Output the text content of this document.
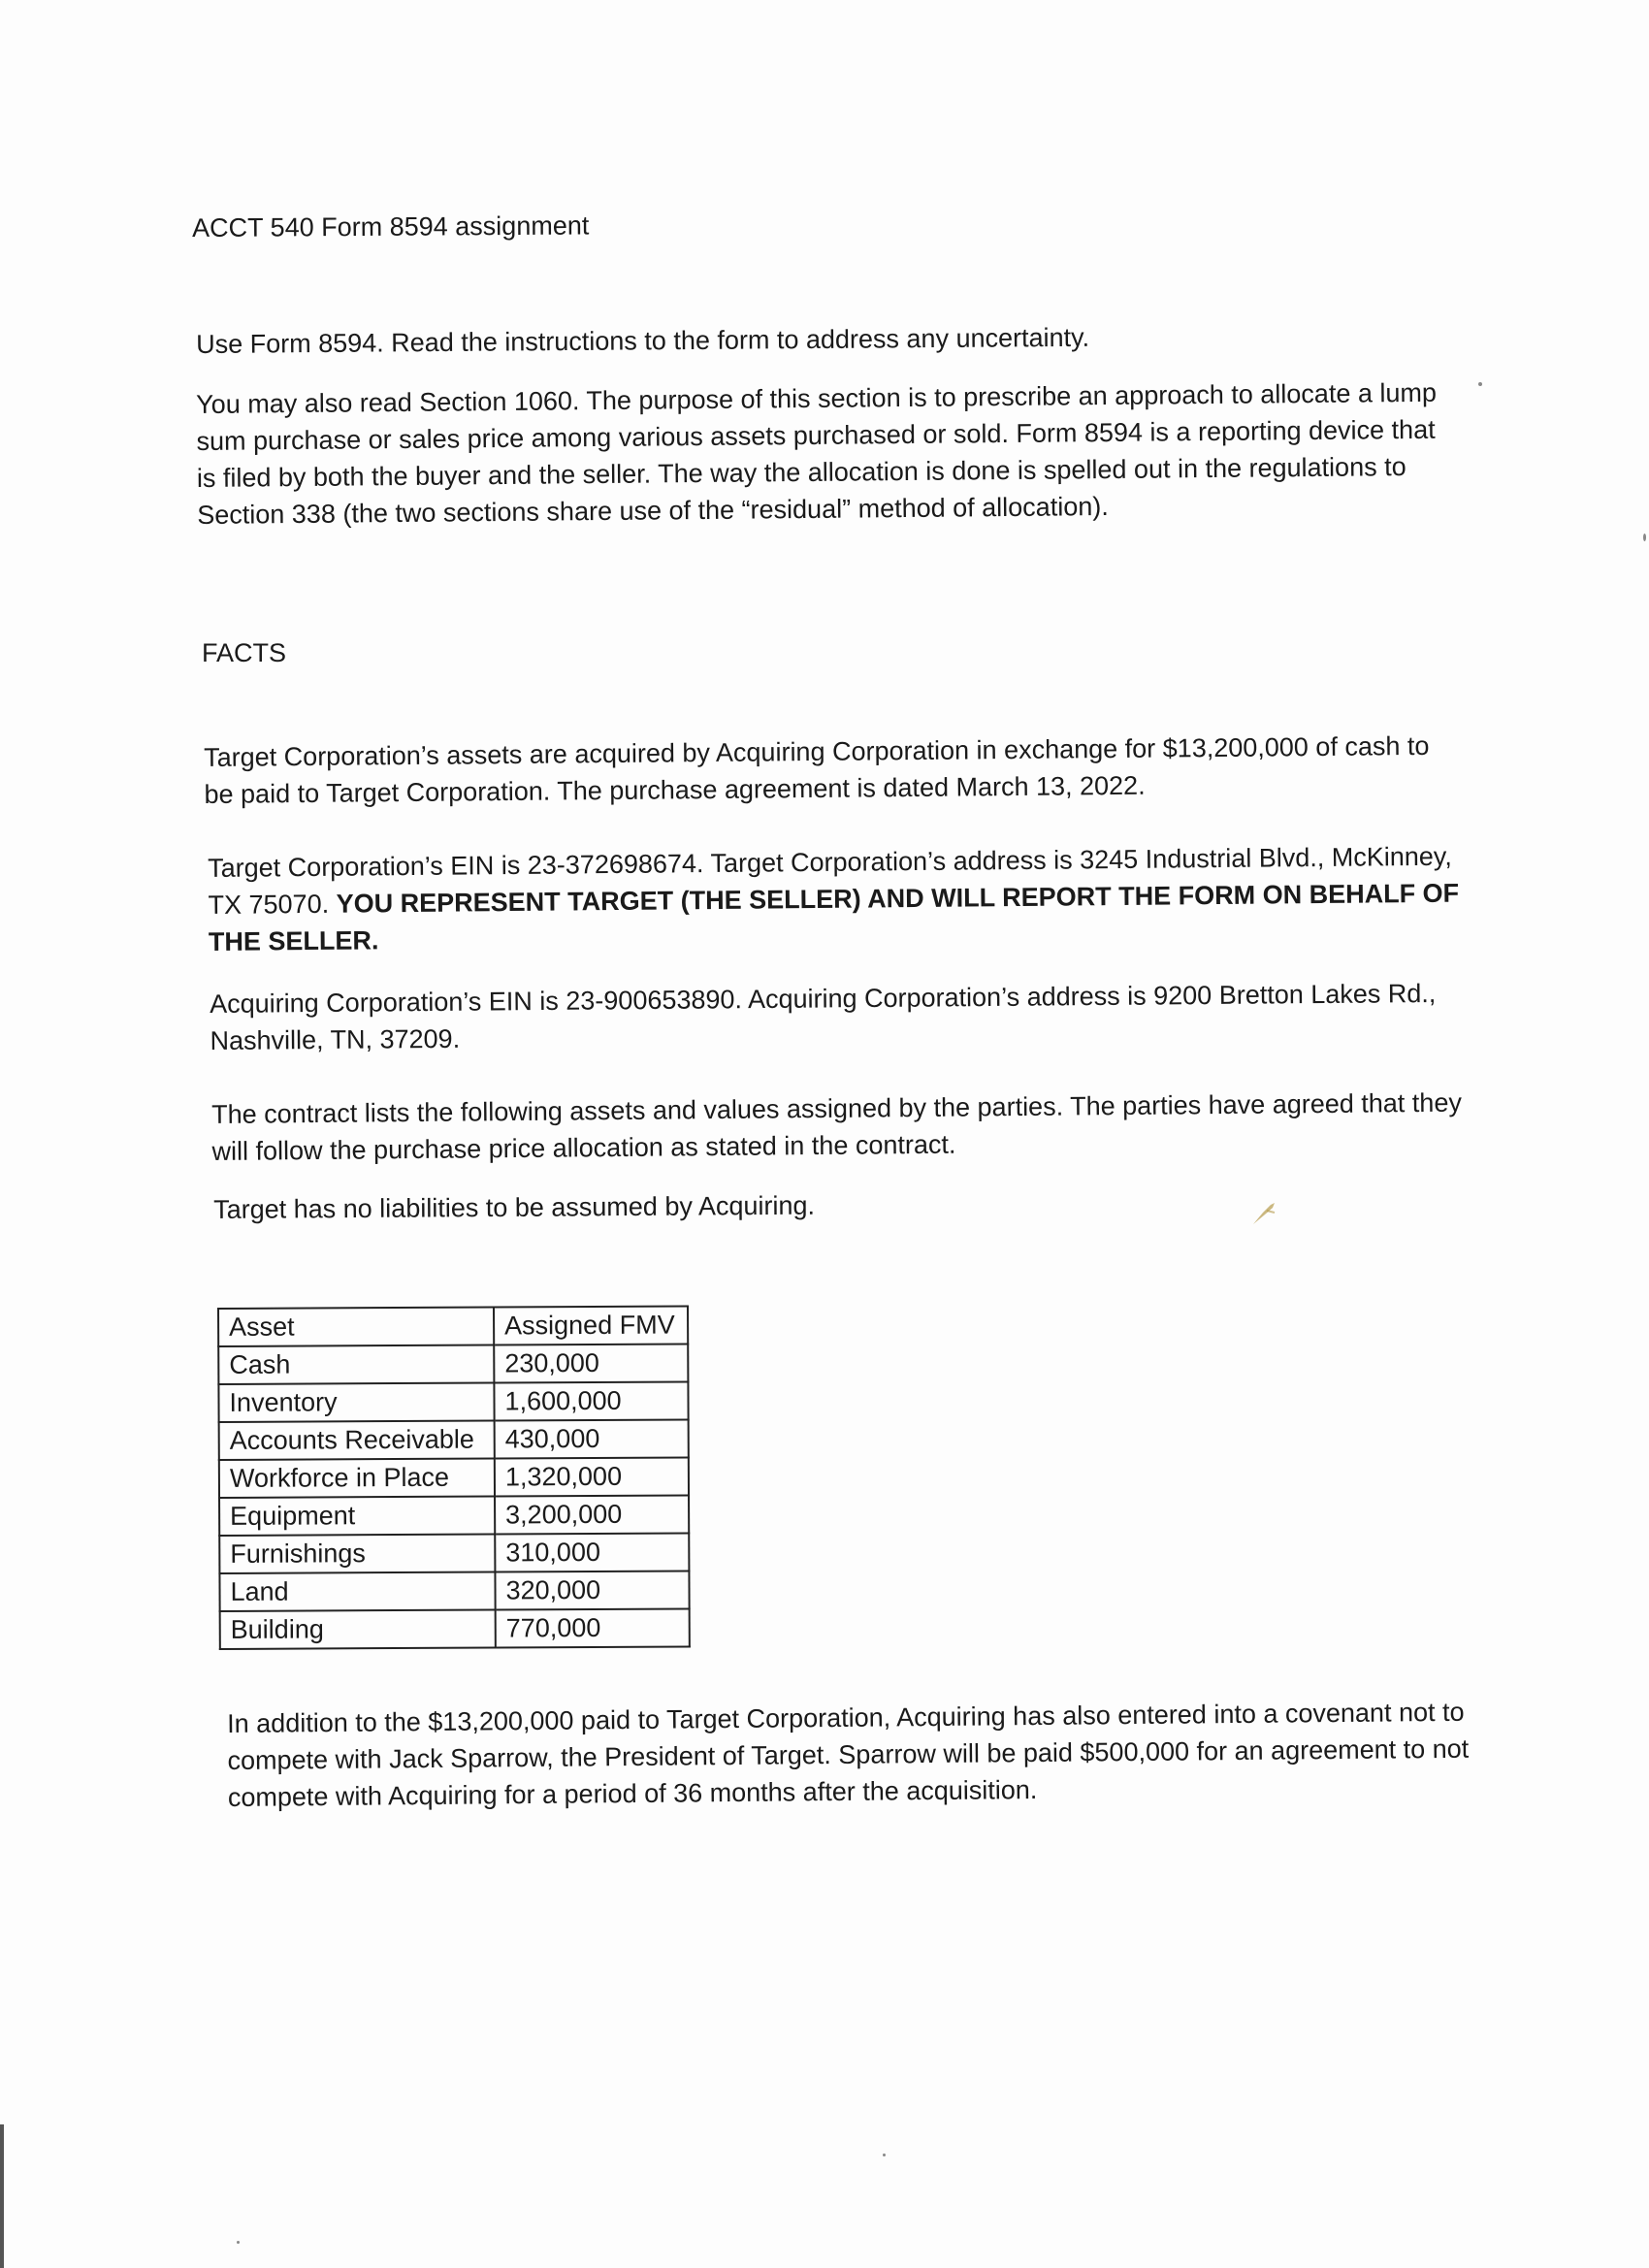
ACCT 540 Form 8594 assignment

Use Form 8594. Read the instructions to the form to address any uncertainty.

You may also read Section 1060. The purpose of this section is to prescribe an approach to allocate a lump sum purchase or sales price among various assets purchased or sold. Form 8594 is a reporting device that is filed by both the buyer and the seller. The way the allocation is done is spelled out in the regulations to Section 338 (the two sections share use of the “residual” method of allocation).

FACTS

Target Corporation’s assets are acquired by Acquiring Corporation in exchange for $13,200,000 of cash to be paid to Target Corporation. The purchase agreement is dated March 13, 2022.

Target Corporation’s EIN is 23-372698674. Target Corporation’s address is 3245 Industrial Blvd., McKinney, TX 75070. YOU REPRESENT TARGET (THE SELLER) AND WILL REPORT THE FORM ON BEHALF OF THE SELLER.

Acquiring Corporation’s EIN is 23-900653890. Acquiring Corporation’s address is 9200 Bretton Lakes Rd., Nashville, TN, 37209.

The contract lists the following assets and values assigned by the parties. The parties have agreed that they will follow the purchase price allocation as stated in the contract.

Target has no liabilities to be assumed by Acquiring.

Asset	Assigned FMV
Cash	230,000
Inventory	1,600,000
Accounts Receivable	430,000
Workforce in Place	1,320,000
Equipment	3,200,000
Furnishings	310,000
Land	320,000
Building	770,000

In addition to the $13,200,000 paid to Target Corporation, Acquiring has also entered into a covenant not to compete with Jack Sparrow, the President of Target. Sparrow will be paid $500,000 for an agreement to not compete with Acquiring for a period of 36 months after the acquisition.
